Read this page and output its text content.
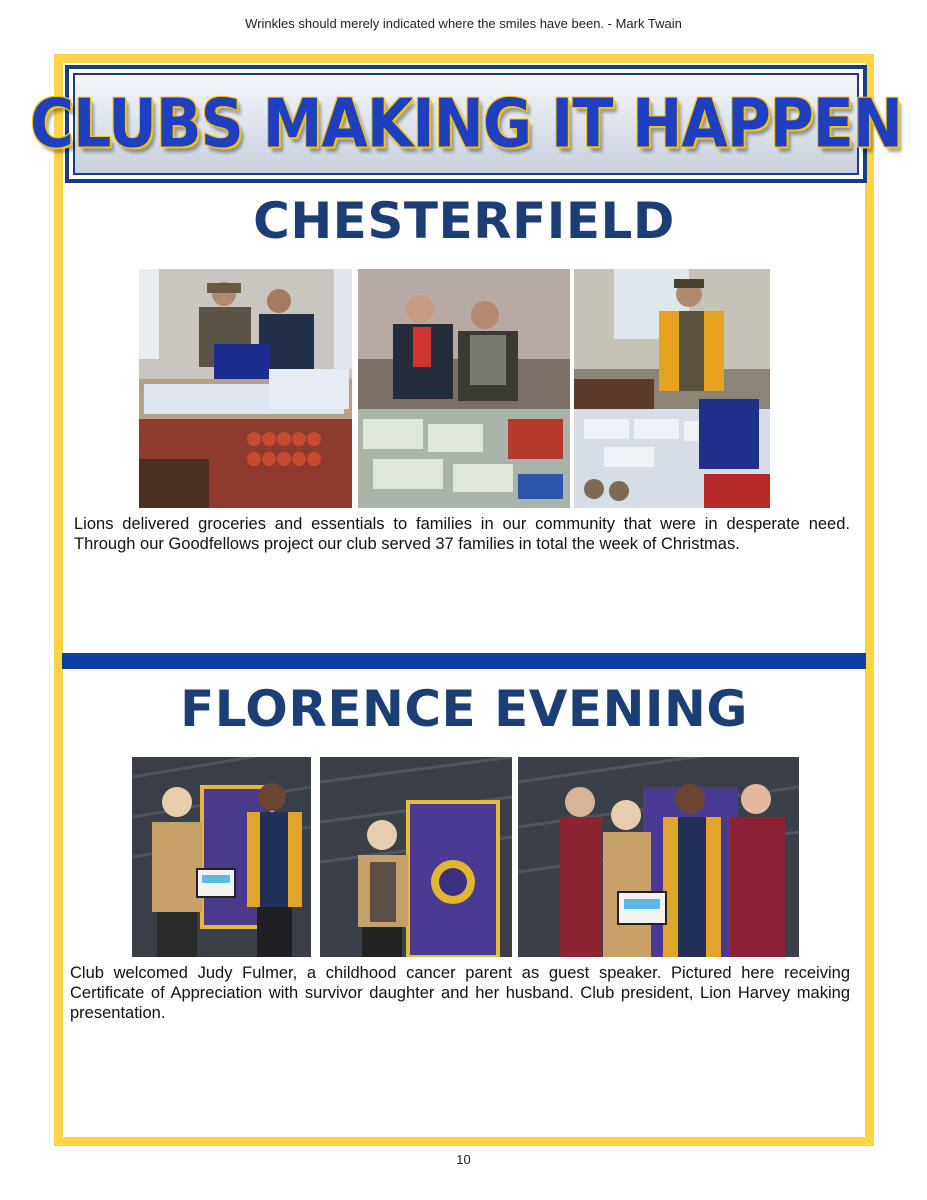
Wrinkles should merely indicated where the smiles have been. - Mark Twain
CLUBS MAKING IT HAPPEN
CHESTERFIELD
Lions delivered groceries and essentials to families in our community that were in desperate need. Through our Goodfellows project our club served 37 families in total the week of Christmas.
FLORENCE EVENING
Club welcomed Judy Fulmer, a childhood cancer parent as guest speaker. Pictured here receiving Certificate of Appreciation with survivor daughter and her husband. Club president, Lion Harvey making presentation.
10
